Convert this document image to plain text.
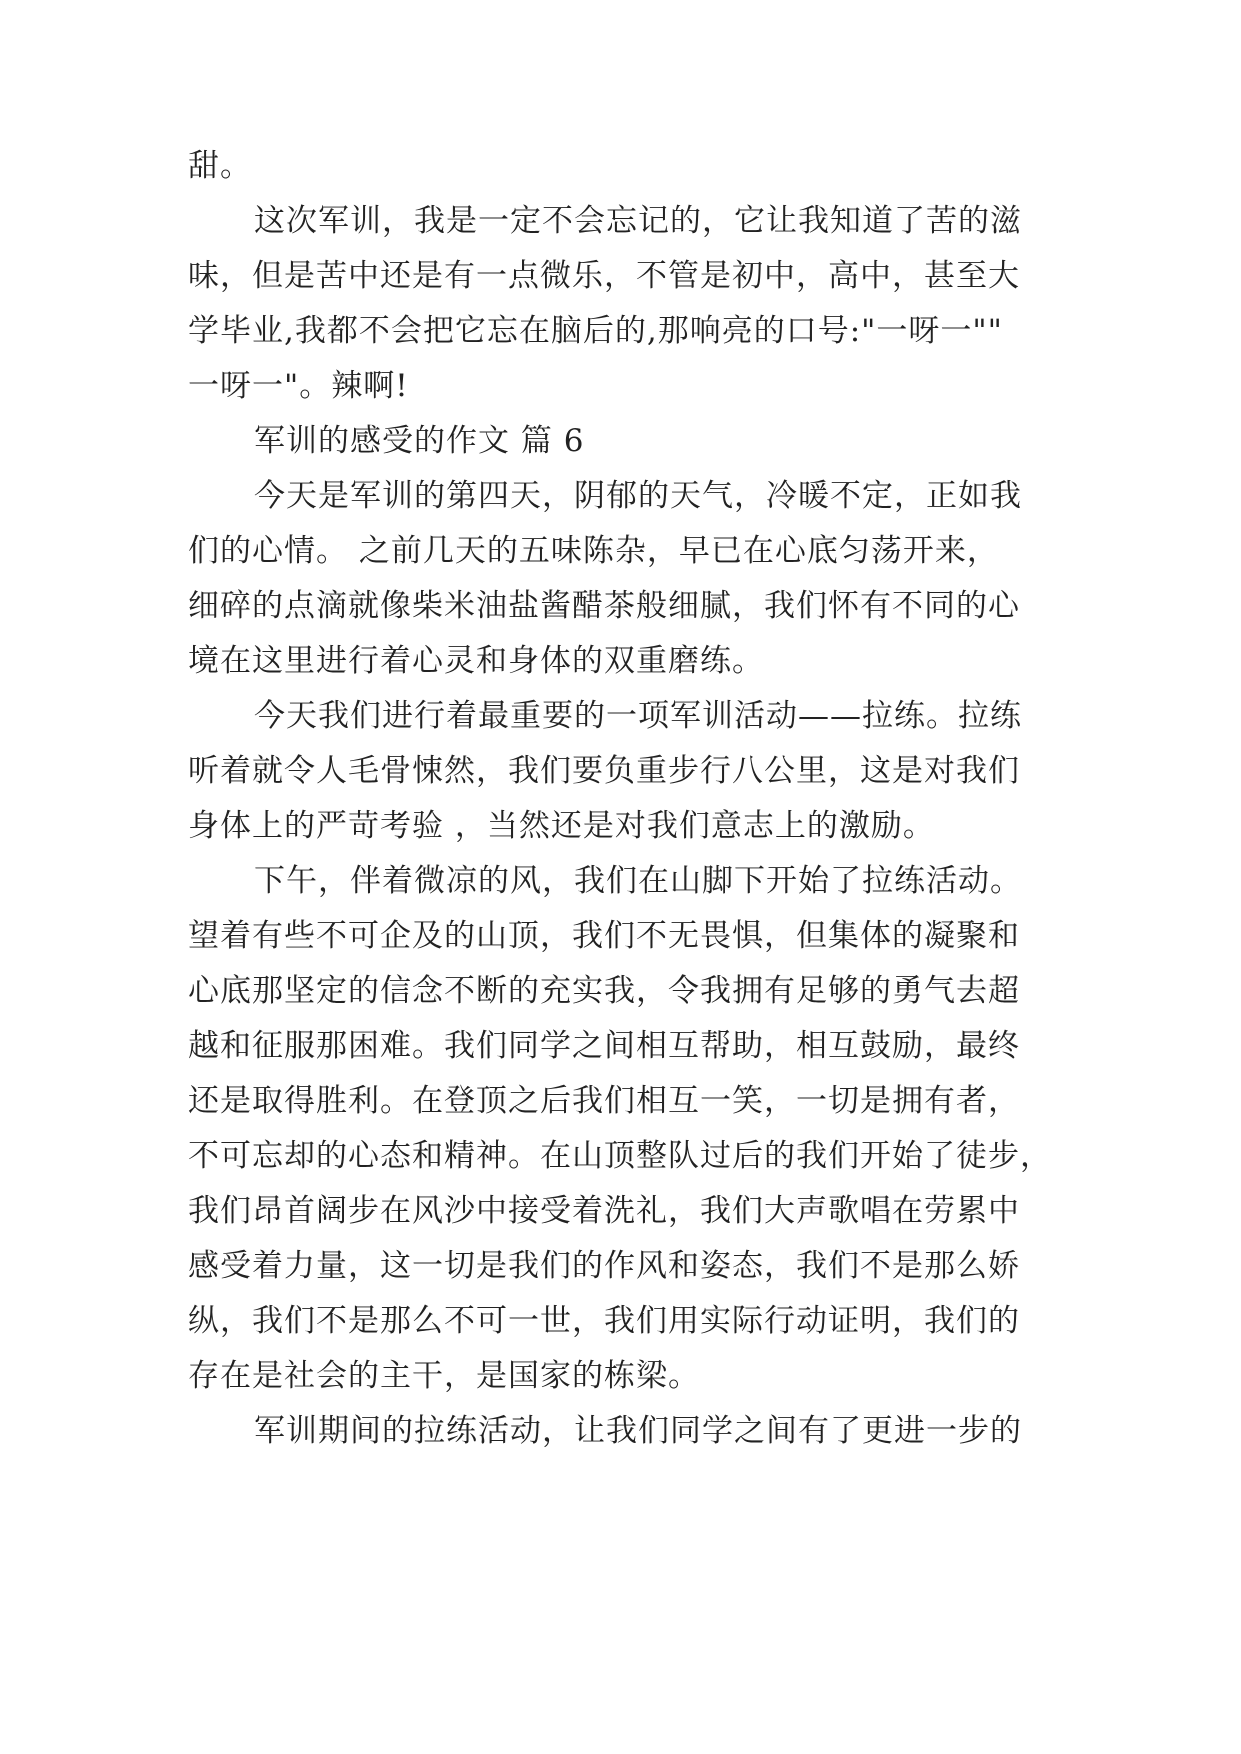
甜。
这次军训，我是一定不会忘记的，它让我知道了苦的滋
味，但是苦中还是有一点微乐，不管是初中，高中，甚至大
学毕业,我都不会把它忘在脑后的,那响亮的口号:"一呀一""
一呀一"。辣啊!
军训的感受的作文 篇 6
今天是军训的第四天，阴郁的天气，冷暖不定，正如我
们的心情。 之前几天的五味陈杂，早已在心底匀荡开来，
细碎的点滴就像柴米油盐酱醋茶般细腻，我们怀有不同的心
境在这里进行着心灵和身体的双重磨练。
今天我们进行着最重要的一项军训活动——拉练。拉练
听着就令人毛骨悚然，我们要负重步行八公里，这是对我们
身体上的严苛考验 ，当然还是对我们意志上的激励。
下午，伴着微凉的风，我们在山脚下开始了拉练活动。
望着有些不可企及的山顶，我们不无畏惧，但集体的凝聚和
心底那坚定的信念不断的充实我，令我拥有足够的勇气去超
越和征服那困难。我们同学之间相互帮助，相互鼓励，最终
还是取得胜利。在登顶之后我们相互一笑，一切是拥有者，
不可忘却的心态和精神。在山顶整队过后的我们开始了徒步，
我们昂首阔步在风沙中接受着洗礼，我们大声歌唱在劳累中
感受着力量，这一切是我们的作风和姿态，我们不是那么娇
纵，我们不是那么不可一世，我们用实际行动证明，我们的
存在是社会的主干，是国家的栋梁。
军训期间的拉练活动，让我们同学之间有了更进一步的
